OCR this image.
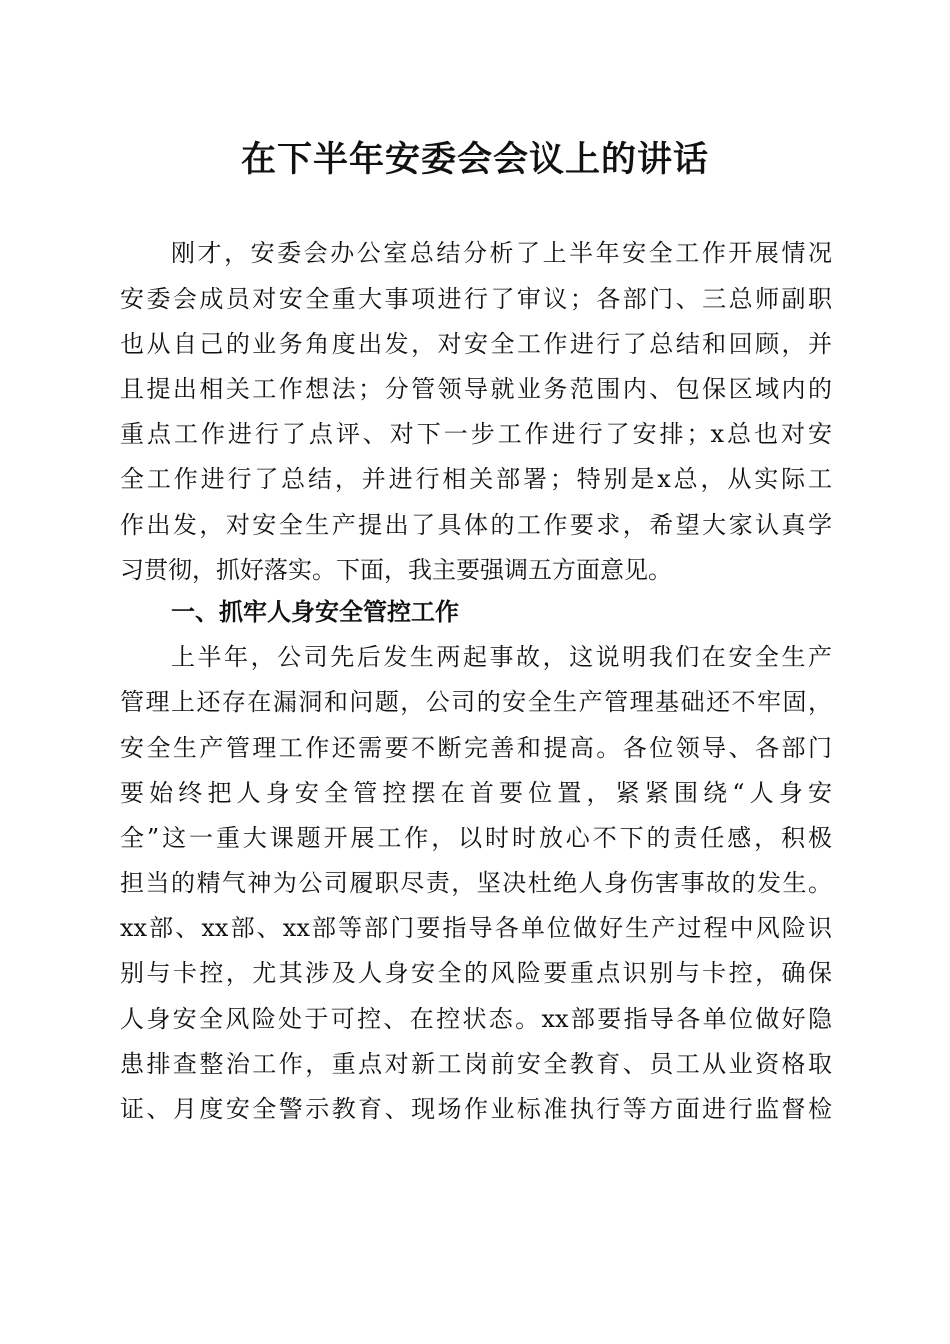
在下半年安委会会议上的讲话
刚才，安委会办公室总结分析了上半年安全工作开展情况
安委会成员对安全重大事项进行了审议；各部门、三总师副职
也从自己的业务角度出发，对安全工作进行了总结和回顾，并
且提出相关工作想法；分管领导就业务范围内、包保区域内的
重点工作进行了点评、对下一步工作进行了安排；x总也对安
全工作进行了总结，并进行相关部署；特别是x总，从实际工
作出发，对安全生产提出了具体的工作要求，希望大家认真学
习贯彻，抓好落实。下面，我主要强调五方面意见。
一、抓牢人身安全管控工作
上半年，公司先后发生两起事故，这说明我们在安全生产
管理上还存在漏洞和问题，公司的安全生产管理基础还不牢固，
安全生产管理工作还需要不断完善和提高。各位领导、各部门
要始终把人身安全管控摆在首要位置，紧紧围绕“人身安
全”这一重大课题开展工作，以时时放心不下的责任感，积极
担当的精气神为公司履职尽责，坚决杜绝人身伤害事故的发生。
xx部、xx部、xx部等部门要指导各单位做好生产过程中风险识
别与卡控，尤其涉及人身安全的风险要重点识别与卡控，确保
人身安全风险处于可控、在控状态。xx部要指导各单位做好隐
患排查整治工作，重点对新工岗前安全教育、员工从业资格取
证、月度安全警示教育、现场作业标准执行等方面进行监督检
